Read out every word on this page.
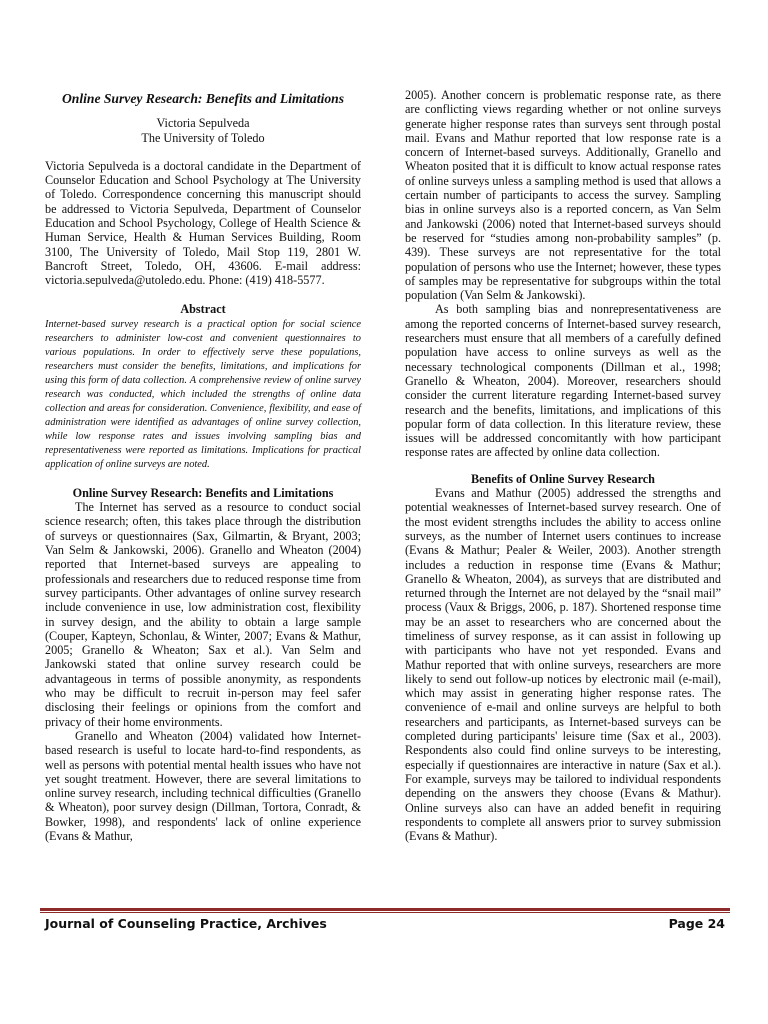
Online Survey Research: Benefits and Limitations
Victoria Sepulveda
The University of Toledo

Victoria Sepulveda is a doctoral candidate in the Department of Counselor Education and School Psychology at The University of Toledo. Correspondence concerning this manuscript should be addressed to Victoria Sepulveda, Department of Counselor Education and School Psychology, College of Health Science & Human Service, Health & Human Services Building, Room 3100, The University of Toledo, Mail Stop 119, 2801 W. Bancroft Street, Toledo, OH, 43606. E-mail address: victoria.sepulveda@utoledo.edu. Phone: (419) 418-5577.

Abstract

Internet-based survey research is a practical option for social science researchers to administer low-cost and convenient questionnaires to various populations. In order to effectively serve these populations, researchers must consider the benefits, limitations, and implications for using this form of data collection. A comprehensive review of online survey research was conducted, which included the strengths of online data collection and areas for consideration. Convenience, flexibility, and ease of administration were identified as advantages of online survey collection, while low response rates and issues involving sampling bias and representativeness were reported as limitations. Implications for practical application of online surveys are noted.

Online Survey Research: Benefits and Limitations

The Internet has served as a resource to conduct social science research; often, this takes place through the distribution of surveys or questionnaires (Sax, Gilmartin, & Bryant, 2003; Van Selm & Jankowski, 2006). Granello and Wheaton (2004) reported that Internet-based surveys are appealing to professionals and researchers due to reduced response time from survey participants. Other advantages of online survey research include convenience in use, low administration cost, flexibility in survey design, and the ability to obtain a large sample (Couper, Kapteyn, Schonlau, & Winter, 2007; Evans & Mathur, 2005; Granello & Wheaton; Sax et al.). Van Selm and Jankowski stated that online survey research could be advantageous in terms of possible anonymity, as respondents who may be difficult to recruit in-person may feel safer disclosing their feelings or opinions from the comfort and privacy of their home environments.

Granello and Wheaton (2004) validated how Internet-based research is useful to locate hard-to-find respondents, as well as persons with potential mental health issues who have not yet sought treatment. However, there are several limitations to online survey research, including technical difficulties (Granello & Wheaton), poor survey design (Dillman, Tortora, Conradt, & Bowker, 1998), and respondents' lack of online experience (Evans & Mathur,

2005). Another concern is problematic response rate, as there are conflicting views regarding whether or not online surveys generate higher response rates than surveys sent through postal mail. Evans and Mathur reported that low response rate is a concern of Internet-based surveys. Additionally, Granello and Wheaton posited that it is difficult to know actual response rates of online surveys unless a sampling method is used that allows a certain number of participants to access the survey. Sampling bias in online surveys also is a reported concern, as Van Selm and Jankowski (2006) noted that Internet-based surveys should be reserved for “studies among non-probability samples” (p. 439). These surveys are not representative for the total population of persons who use the Internet; however, these types of samples may be representative for subgroups within the total population (Van Selm & Jankowski).

As both sampling bias and nonrepresentativeness are among the reported concerns of Internet-based survey research, researchers must ensure that all members of a carefully defined population have access to online surveys as well as the necessary technological components (Dillman et al., 1998; Granello & Wheaton, 2004). Moreover, researchers should consider the current literature regarding Internet-based survey research and the benefits, limitations, and implications of this popular form of data collection. In this literature review, these issues will be addressed concomitantly with how participant response rates are affected by online data collection.

Benefits of Online Survey Research

Evans and Mathur (2005) addressed the strengths and potential weaknesses of Internet-based survey research. One of the most evident strengths includes the ability to access online surveys, as the number of Internet users continues to increase (Evans & Mathur; Pealer & Weiler, 2003). Another strength includes a reduction in response time (Evans & Mathur; Granello & Wheaton, 2004), as surveys that are distributed and returned through the Internet are not delayed by the “snail mail” process (Vaux & Briggs, 2006, p. 187). Shortened response time may be an asset to researchers who are concerned about the timeliness of survey response, as it can assist in following up with participants who have not yet responded. Evans and Mathur reported that with online surveys, researchers are more likely to send out follow-up notices by electronic mail (e-mail), which may assist in generating higher response rates. The convenience of e-mail and online surveys are helpful to both researchers and participants, as Internet-based surveys can be completed during participants' leisure time (Sax et al., 2003). Respondents also could find online surveys to be interesting, especially if questionnaires are interactive in nature (Sax et al.). For example, surveys may be tailored to individual respondents depending on the answers they choose (Evans & Mathur). Online surveys also can have an added benefit in requiring respondents to complete all answers prior to survey submission (Evans & Mathur).

Journal of Counseling Practice, Archives	Page 24
